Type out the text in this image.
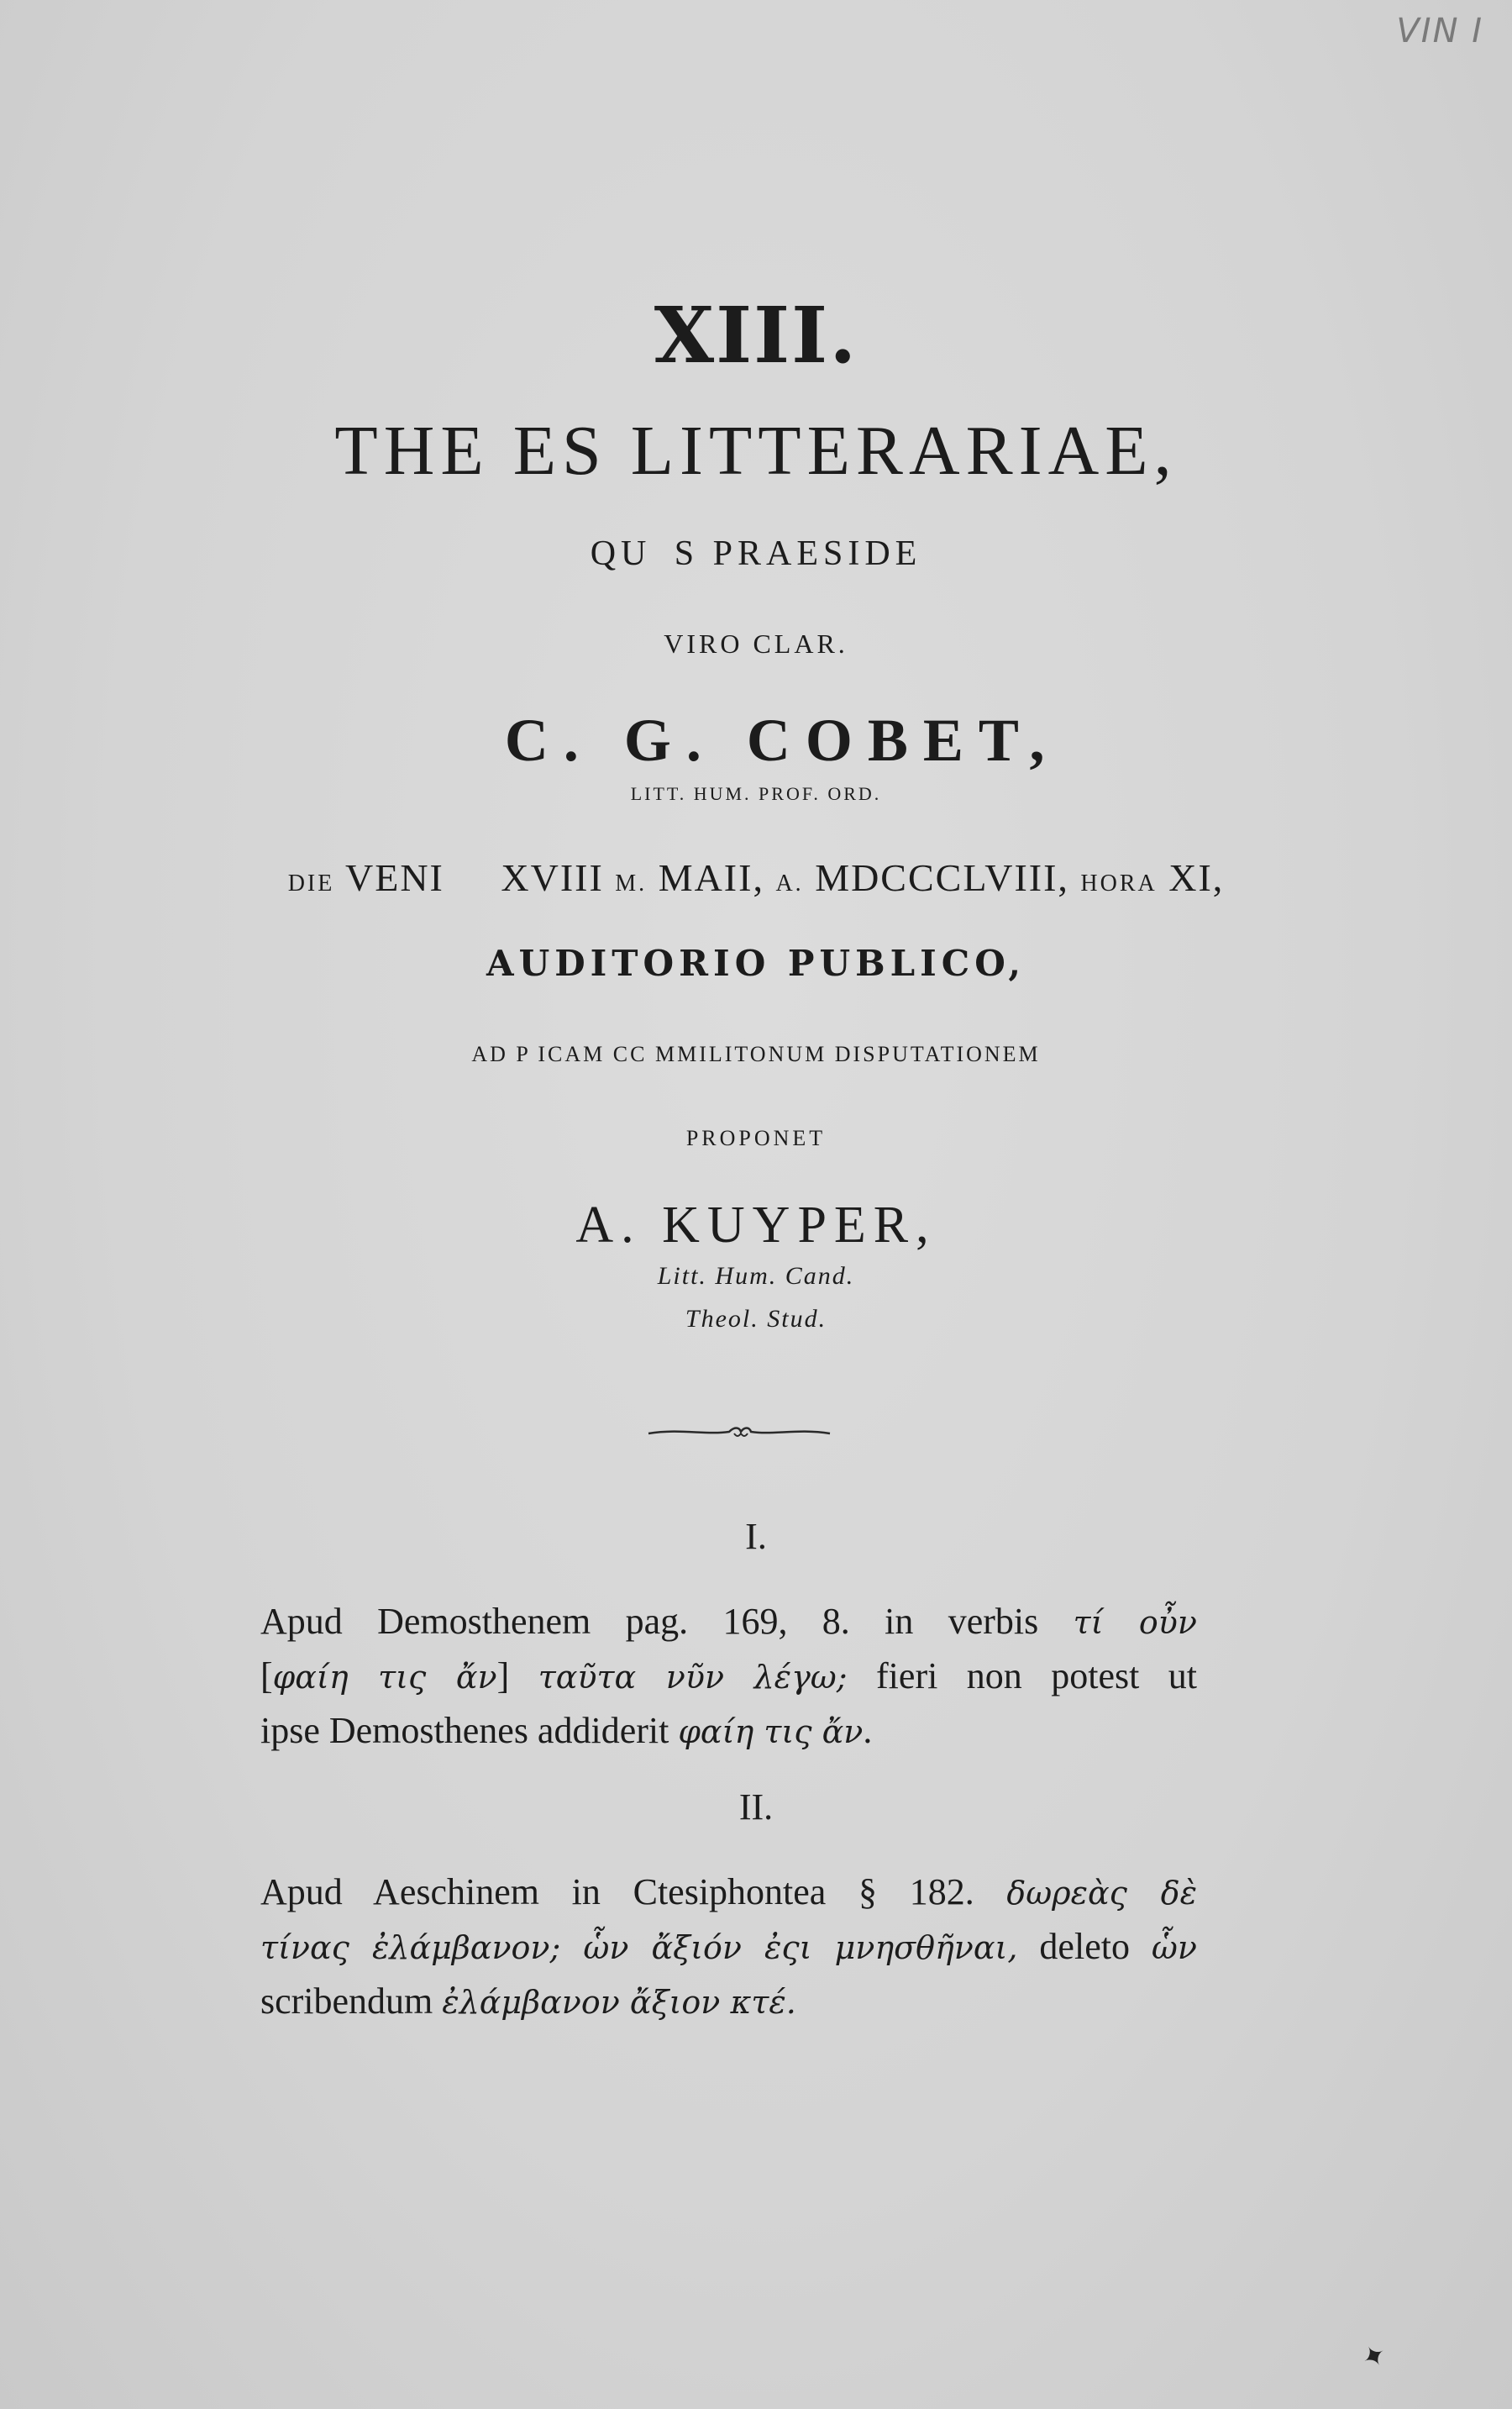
VIN I
XIII.
THE ES LITTERARIAE,
QU  S PRAESIDE
VIRO CLAR.
  C. G. COBET,
LITT. HUM. PROF. ORD.
DIE VENI XVIII M. MAII, A. MDCCCLVIII, HORA XI,
AUDITORIO PUBLICO,
AD P ICAM CC MMILITONUM DISPUTATIONEM
PROPONET
A. KUYPER,
Litt. Hum. Cand.
Theol. Stud.
I.
Apud Demosthenem pag. 169, 8. in verbis τί οὖν
[φαίη τις ἄν] ταῦτα νῦν λέγω; fieri non potest ut
ipse Demosthenes addiderit φαίη τις ἄν.
II.
Apud Aeschinem in Ctesiphontea § 182. δωρεὰς δὲ
τίνας ἐλάμβανον; ὧν ἄξιόν ἐςι μνησθῆναι, deleto ὧν
scribendum ἐλάμβανον ἄξιον κτέ.
✦
